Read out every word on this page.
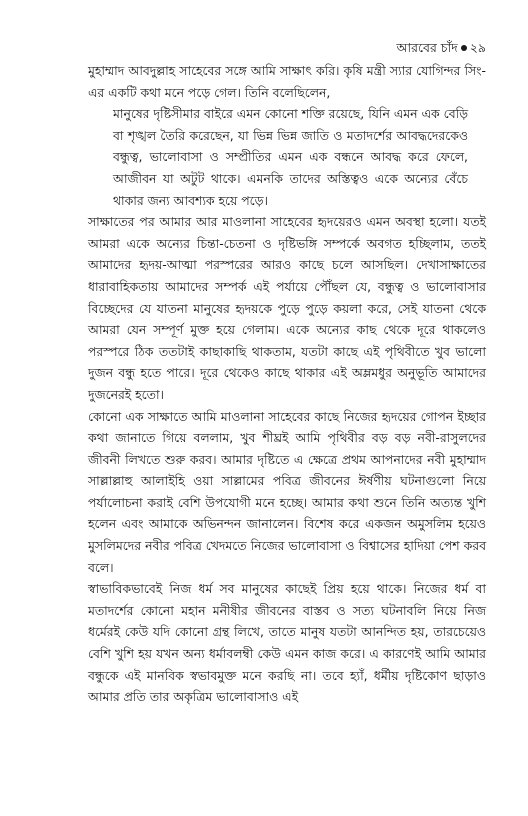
আরবের চাঁদ ২৯

মুহাম্মাদ আবদুল্লাহ সাহেবের সঙ্গে আমি সাক্ষাৎ করি। কৃষি মন্ত্রী স্যার যোগিন্দর সিং-এর একটি কথা মনে পড়ে গেল। তিনি বলেছিলেন,

মানুষের দৃষ্টিসীমার বাইরে এমন কোনো শক্তি রয়েছে, যিনি এমন এক বেড়ি বা শৃঙ্খল তৈরি করেছেন, যা ভিন্ন ভিন্ন জাতি ও মতাদর্শের আবদ্ধদেরকেও বন্ধুত্ব, ভালোবাসা ও সম্প্রীতির এমন এক বন্ধনে আবদ্ধ করে ফেলে, আজীবন যা অটুট থাকে। এমনকি তাদের অস্তিত্বও একে অন্যের বেঁচে থাকার জন্য আবশ্যক হয়ে পড়ে।

সাক্ষাতের পর আমার আর মাওলানা সাহেবের হৃদয়েরও এমন অবস্থা হলো। যতই আমরা একে অন্যের চিন্তা-চেতনা ও দৃষ্টিভঙ্গি সম্পর্কে অবগত হচ্ছিলাম, ততই আমাদের হৃদয়-আত্মা পরস্পরের আরও কাছে চলে আসছিল। দেখাসাক্ষাতের ধারাবাহিকতায় আমাদের সম্পর্ক এই পর্যায়ে পৌঁছল যে, বন্ধুত্ব ও ভালোবাসার বিচ্ছেদের যে যাতনা মানুষের হৃদয়কে পুড়ে পুড়ে কয়লা করে, সেই যাতনা থেকে আমরা যেন সম্পূর্ণ মুক্ত হয়ে গেলাম। একে অন্যের কাছ থেকে দূরে থাকলেও পরস্পরে ঠিক ততটাই কাছাকাছি থাকতাম, যতটা কাছে এই পৃথিবীতে খুব ভালো দুজন বন্ধু হতে পারে। দূরে থেকেও কাছে থাকার এই অম্লমধুর অনুভূতি আমাদের দুজনেরই হতো।

কোনো এক সাক্ষাতে আমি মাওলানা সাহেবের কাছে নিজের হৃদয়ের গোপন ইচ্ছার কথা জানাতে গিয়ে বললাম, খুব শীঘ্রই আমি পৃথিবীর বড় বড় নবী-রাসুলদের জীবনী লিখতে শুরু করব। আমার দৃষ্টিতে এ ক্ষেত্রে প্রথম আপনাদের নবী মুহাম্মাদ সাল্লাল্লাহু আলাইহি ওয়া সাল্লামের পবিত্র জীবনের ঈর্ষণীয় ঘটনাগুলো নিয়ে পর্যালোচনা করাই বেশি উপযোগী মনে হচ্ছে। আমার কথা শুনে তিনি অত্যন্ত খুশি হলেন এবং আমাকে অভিনন্দন জানালেন। বিশেষ করে একজন অমুসলিম হয়েও মুসলিমদের নবীর পবিত্র খেদমতে নিজের ভালোবাসা ও বিশ্বাসের হাদিয়া পেশ করব বলে।

স্বাভাবিকভাবেই নিজ ধর্ম সব মানুষের কাছেই প্রিয় হয়ে থাকে। নিজের ধর্ম বা মতাদর্শের কোনো মহান মনীষীর জীবনের বাস্তব ও সত্য ঘটনাবলি নিয়ে নিজ ধর্মেরই কেউ যদি কোনো গ্রন্থ লিখে, তাতে মানুষ যতটা আনন্দিত হয়, তারচেয়েও বেশি খুশি হয় যখন অন্য ধর্মাবলম্বী কেউ এমন কাজ করে। এ কারণেই আমি আমার বন্ধুকে এই মানবিক স্বভাবমুক্ত মনে করছি না। তবে হ্যাঁ, ধর্মীয় দৃষ্টিকোণ ছাড়াও আমার প্রতি তার অকৃত্রিম ভালোবাসাও এই
